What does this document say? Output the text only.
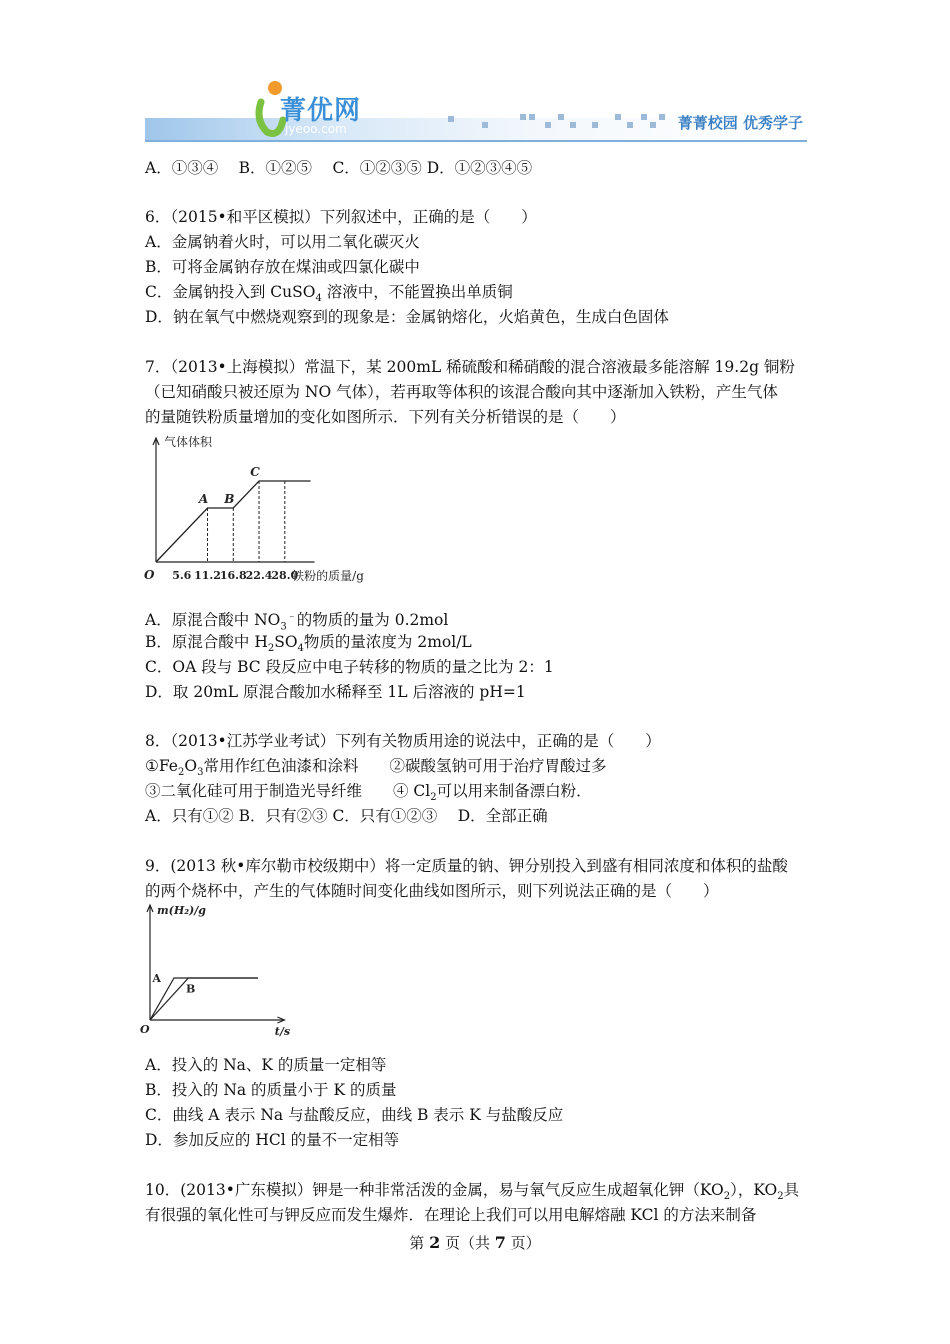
菁优网
jyeoo.com	菁菁校园 优秀学子
A．①③④　 B．①②⑤　 C．①②③⑤ D．①②③④⑤
6．（2015•和平区模拟）下列叙述中，正确的是（　　）
A．金属钠着火时，可以用二氧化碳灭火
B．可将金属钠存放在煤油或四氯化碳中
C．金属钠投入到 CuSO$_4$ 溶液中，不能置换出单质铜
D．钠在氧气中燃烧观察到的现象是：金属钠熔化，火焰黄色，生成白色固体
7．（2013•上海模拟）常温下，某 200mL 稀硫酸和稀硝酸的混合溶液最多能溶解 19.2g 铜粉
（已知硝酸只被还原为 NO 气体），若再取等体积的该混合酸向其中逐渐加入铁粉，产生气体
的量随铁粉质量增加的变化如图所示．下列有关分析错误的是（　　）
气体体积
O 5.6 11.2
16.8
22.4
28.0
铁粉的质量/g
A B
C
A．原混合酸中 $NO_3^﹣$的物质的量为 0.2mol
B．原混合酸中 $H_2SO_4$物质的量浓度为 2mol/L
C．OA 段与 BC 段反应中电子转移的物质的量之比为 2：1
D．取 20mL 原混合酸加水稀释至 1L 后溶液的 pH=1
8．（2013•江苏学业考试）下列有关物质用途的说法中，正确的是（　　）
$①Fe_2O_3$常用作红色油漆和涂料　　②碳酸氢钠可用于治疗胃酸过多
③二氧化硅可用于制造光导纤维　　④ $Cl_2$可以用来制备漂白粉．
A．只有①② B．只有②③ C．只有①②③　 D．全部正确
9．(2013 秋•库尔勒市校级期中）将一定质量的钠、钾分别投入到盛有相同浓度和体积的盐酸
的两个烧杯中，产生的气体随时间变化曲线如图所示，则下列说法正确的是（　　）
m(H₂)/g
O	t/s
A
B
A．投入的 Na、K 的质量一定相等
B．投入的 Na 的质量小于 K 的质量
C．曲线 A 表示 Na 与盐酸反应，曲线 B 表示 K 与盐酸反应
D．参加反应的 HCl 的量不一定相等
10．(2013•广东模拟）钾是一种非常活泼的金属，易与氧气反应生成超氧化钾$(KO_2)$，$KO_2$具
有很强的氧化性可与钾反应而发生爆炸．在理论上我们可以用电解熔融 KCl 的方法来制备
第 2 页（共 7 页）
